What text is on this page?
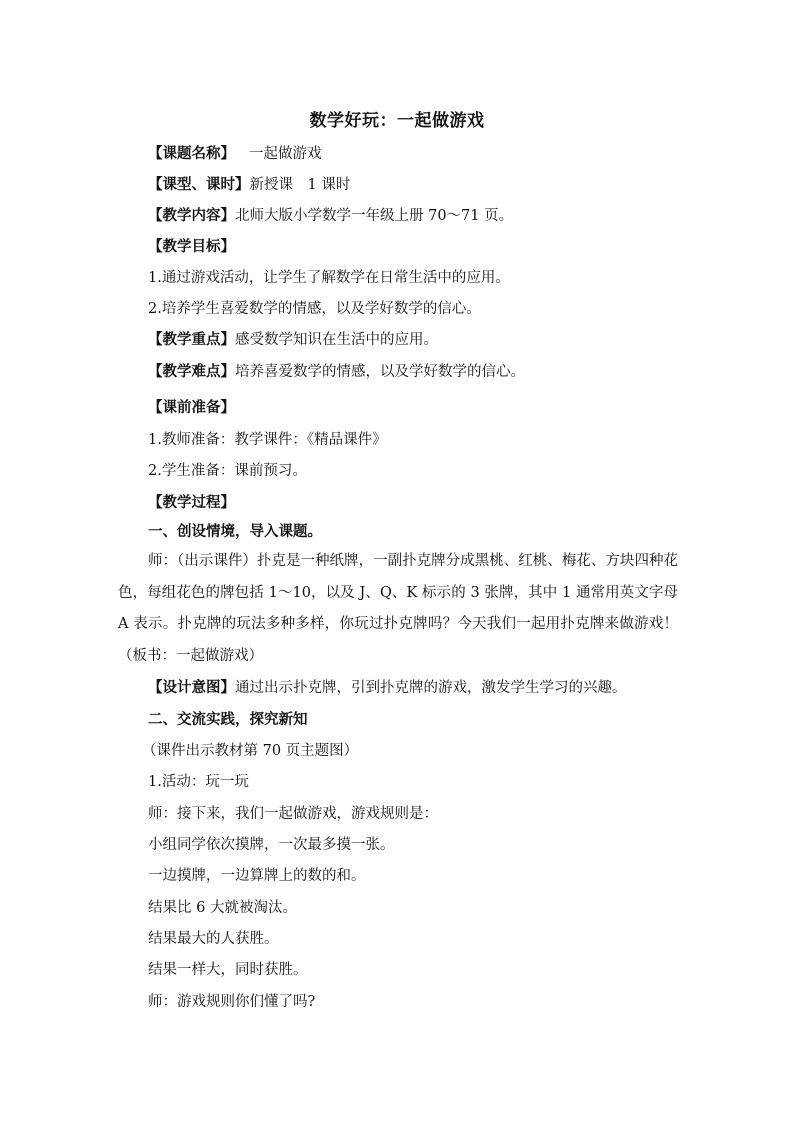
数学好玩：一起做游戏
【课题名称】 一起做游戏
【课型、课时】新授课　1 课时
【教学内容】北师大版小学数学一年级上册 70～71 页。
【教学目标】
1.通过游戏活动，让学生了解数学在日常生活中的应用。
2.培养学生喜爱数学的情感，以及学好数学的信心。
【教学重点】感受数学知识在生活中的应用。
【教学难点】培养喜爱数学的情感，以及学好数学的信心。
【课前准备】
1.教师准备：教学课件：《精品课件》
2.学生准备：课前预习。
【教学过程】
一、创设情境，导入课题。
师：（出示课件）扑克是一种纸牌，一副扑克牌分成黑桃、红桃、梅花、方块四种花色，每组花色的牌包括 1～10，以及 J、Q、K 标示的 3 张牌，其中 1 通常用英文字母 A 表示。扑克牌的玩法多种多样，你玩过扑克牌吗？今天我们一起用扑克牌来做游戏！（板书：一起做游戏）
【设计意图】通过出示扑克牌，引到扑克牌的游戏，激发学生学习的兴趣。
二、交流实践，探究新知
（课件出示教材第 70 页主题图）
1.活动：玩一玩
师：接下来，我们一起做游戏，游戏规则是：
小组同学依次摸牌，一次最多摸一张。
一边摸牌，一边算牌上的数的和。
结果比 6 大就被淘汰。
结果最大的人获胜。
结果一样大，同时获胜。
师：游戏规则你们懂了吗?
